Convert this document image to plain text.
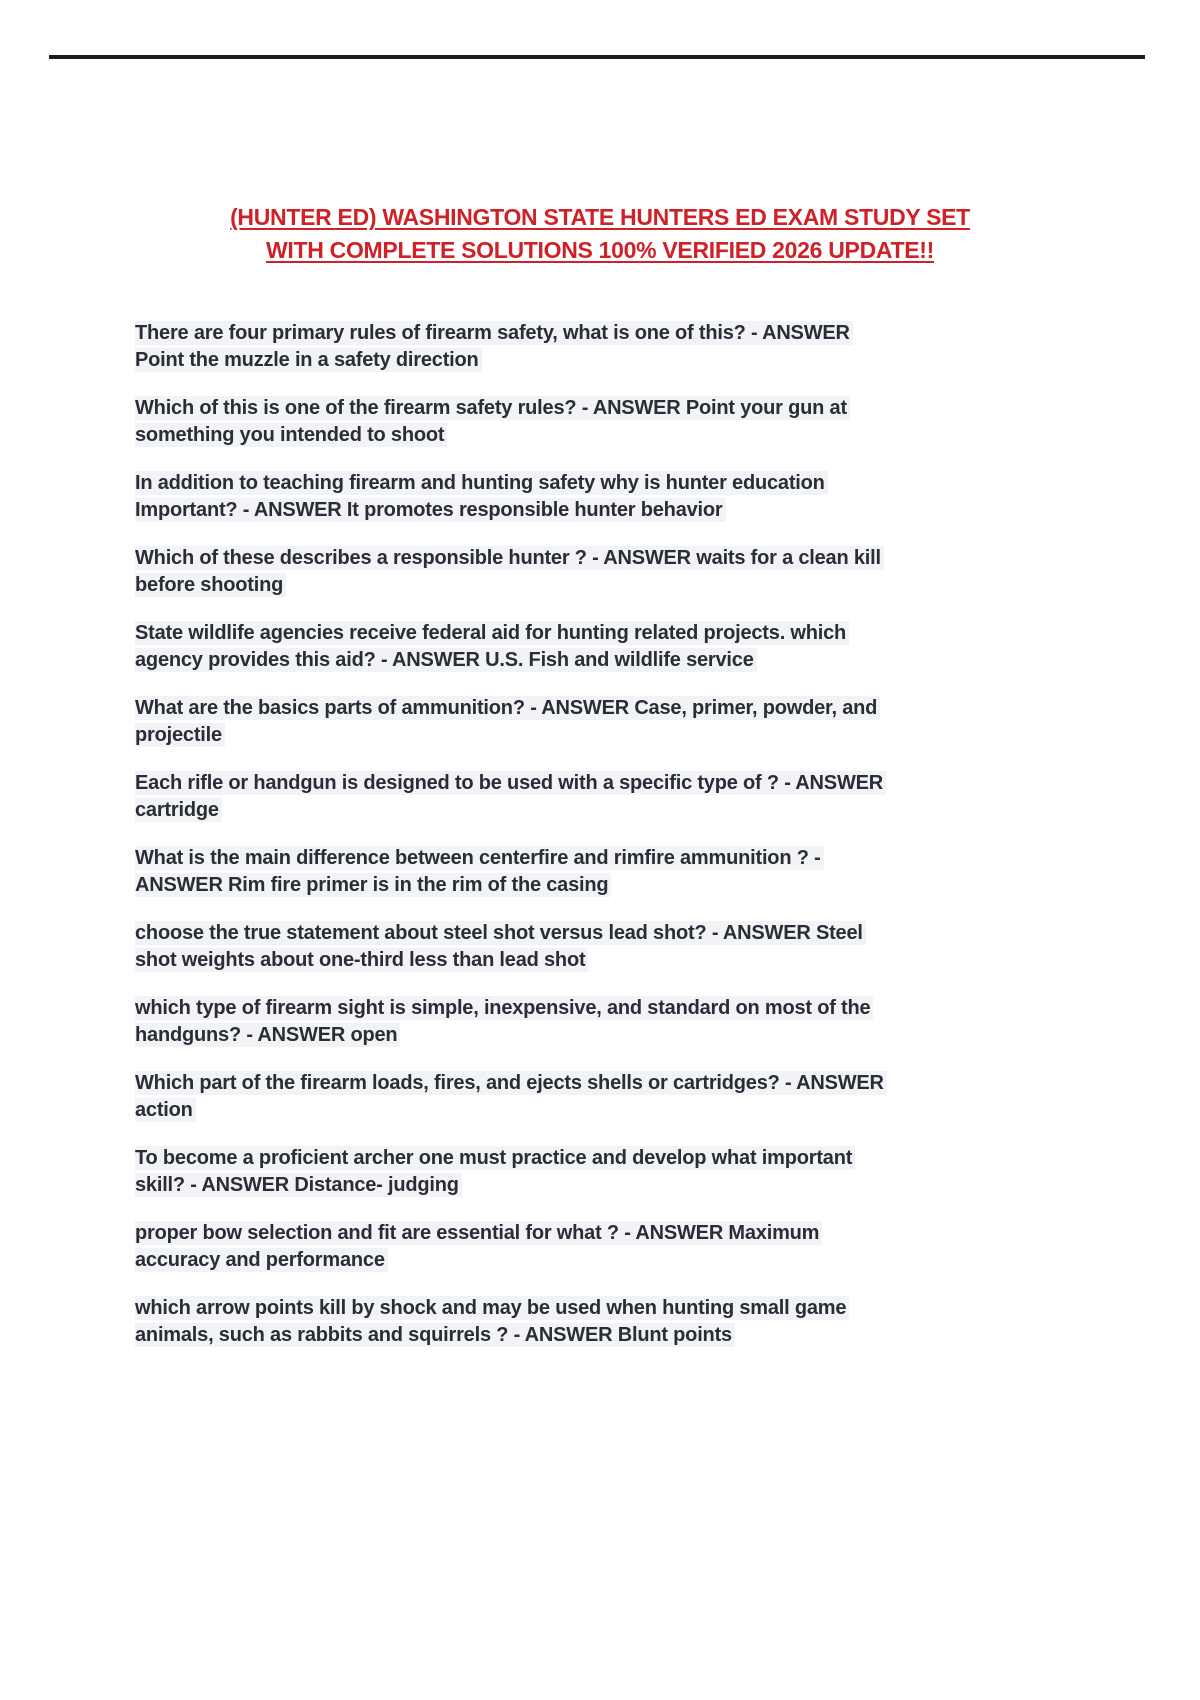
(HUNTER ED) WASHINGTON STATE HUNTERS ED EXAM STUDY SET
WITH COMPLETE SOLUTIONS 100% VERIFIED 2026 UPDATE!!
There are four primary rules of firearm safety, what is one of this? - ANSWER
Point the muzzle in a safety direction
Which of this is one of the firearm safety rules? - ANSWER Point your gun at
something you intended to shoot
In addition to teaching firearm and hunting safety why is hunter education
Important? - ANSWER It promotes responsible hunter behavior
Which of these describes a responsible hunter ? - ANSWER waits for a clean kill
before shooting
State wildlife agencies receive federal aid for hunting related projects. which
agency provides this aid? - ANSWER U.S. Fish and wildlife service
What are the basics parts of ammunition? - ANSWER Case, primer, powder, and
projectile
Each rifle or handgun is designed to be used with a specific type of ? - ANSWER
cartridge
What is the main difference between centerfire and rimfire ammunition ? -
ANSWER Rim fire primer is in the rim of the casing
choose the true statement about steel shot versus lead shot? - ANSWER Steel
shot weights about one-third less than lead shot
which type of firearm sight is simple, inexpensive, and standard on most of the
handguns? - ANSWER open
Which part of the firearm loads, fires, and ejects shells or cartridges? - ANSWER
action
To become a proficient archer one must practice and develop what important
skill? - ANSWER Distance- judging
proper bow selection and fit are essential for what ? - ANSWER Maximum
accuracy and performance
which arrow points kill by shock and may be used when hunting small game
animals, such as rabbits and squirrels ? - ANSWER Blunt points
